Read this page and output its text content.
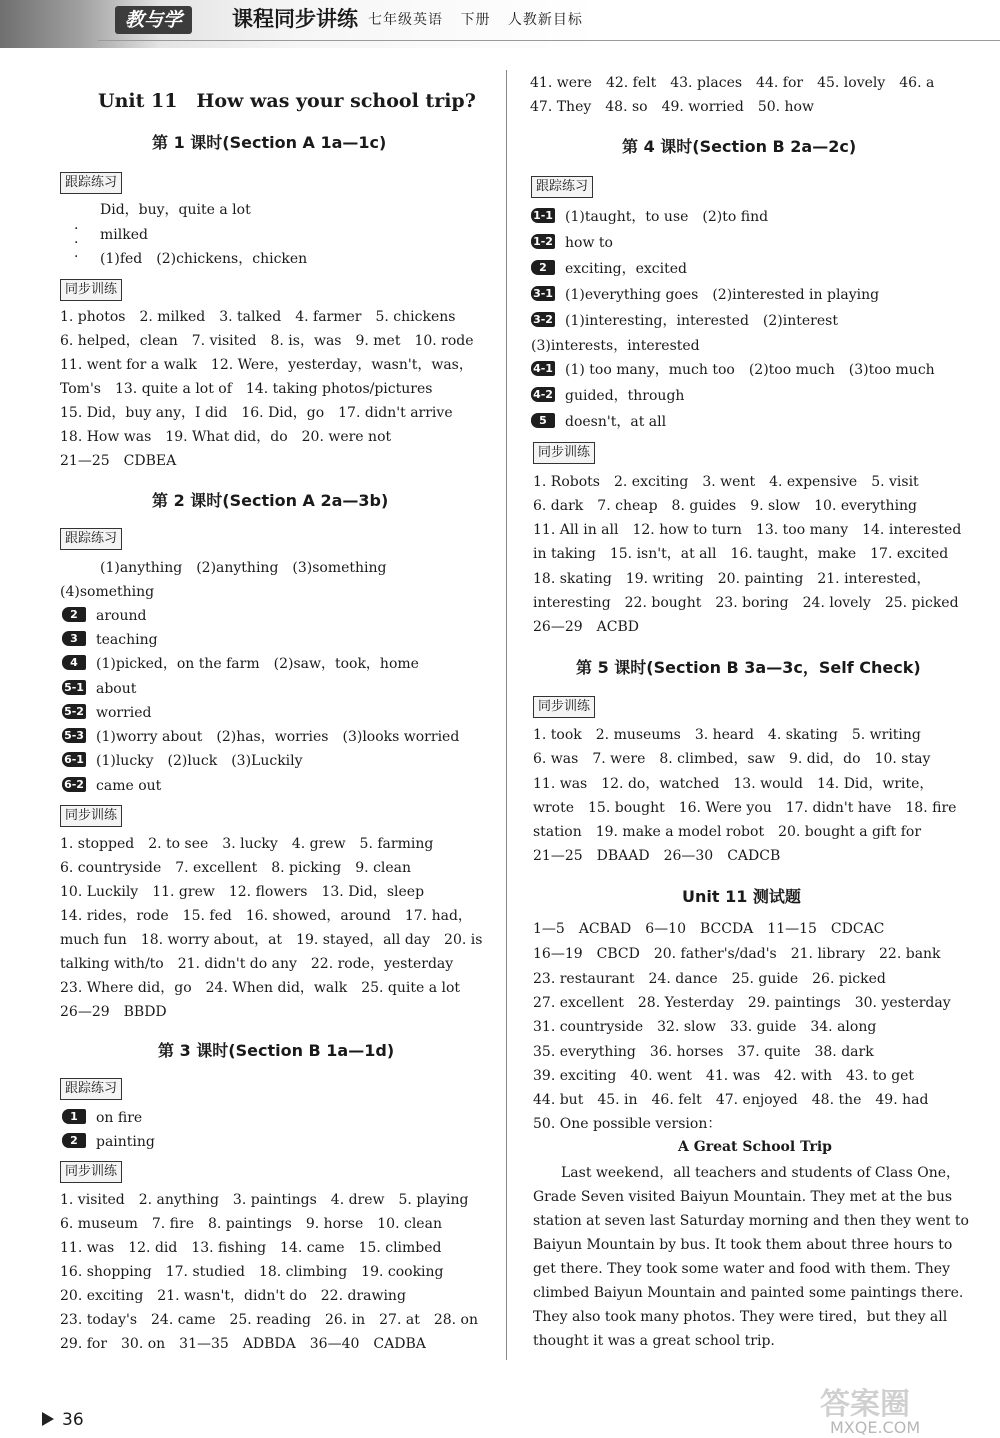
教与学	课程同步讲练 七年级英语 下册 人教新目标
Unit 11　How was your school trip?
第 1 课时(Section A 1a—1c)
跟踪练习
·
·
·
Did，buy，quite a lot
milked
(1)fed　(2)chickens，chicken
同步训练
1. photos　2. milked　3. talked　4. farmer　5. chickens
6. helped，clean　7. visited　8. is，was　9. met　10. rode
11. went for a walk　12. Were，yesterday，wasn't，was，
Tom's　13. quite a lot of　14. taking photos/pictures
15. Did，buy any，I did　16. Did，go　17. didn't arrive
18. How was　19. What did，do　20. were not
21—25　CDBEA
第 2 课时(Section A 2a—3b)
跟踪练习
(1)anything　(2)anything　(3)something
(4)something
2 around
3 teaching
4 (1)picked，on the farm　(2)saw，took，home
5-1 about
5-2 worried
5-3 (1)worry about　(2)has，worries　(3)looks worried
6-1 (1)lucky　(2)luck　(3)Luckily
6-2 came out
同步训练
1. stopped　2. to see　3. lucky　4. grew　5. farming
6. countryside　7. excellent　8. picking　9. clean
10. Luckily　11. grew　12. flowers　13. Did，sleep
14. rides，rode　15. fed　16. showed，around　17. had，
much fun　18. worry about，at　19. stayed，all day　20. is
talking with/to　21. didn't do any　22. rode，yesterday
23. Where did，go　24. When did，walk　25. quite a lot
26—29　BBDD
第 3 课时(Section B 1a—1d)
跟踪练习
1 on fire
2 painting
同步训练
1. visited　2. anything　3. paintings　4. drew　5. playing
6. museum　7. fire　8. paintings　9. horse　10. clean
11. was　12. did　13. fishing　14. came　15. climbed
16. shopping　17. studied　18. climbing　19. cooking
20. exciting　21. wasn't，didn't do　22. drawing
23. today's　24. came　25. reading　26. in　27. at　28. on
29. for　30. on　31—35　ADBDA　36—40　CADBA
41. were　42. felt　43. places　44. for　45. lovely　46. a
47. They　48. so　49. worried　50. how
第 4 课时(Section B 2a—2c)
跟踪练习
1-1 (1)taught，to use　(2)to find
1-2 how to
2 exciting，excited
3-1 (1)everything goes　(2)interested in playing
3-2 (1)interesting，interested　(2)interest
(3)interests，interested
4-1 (1) too many，much too　(2)too much　(3)too much
4-2 guided，through
5 doesn't，at all
同步训练
1. Robots　2. exciting　3. went　4. expensive　5. visit
6. dark　7. cheap　8. guides　9. slow　10. everything
11. All in all　12. how to turn　13. too many　14. interested
in taking　15. isn't，at all　16. taught，make　17. excited
18. skating　19. writing　20. painting　21. interested，
interesting　22. bought　23. boring　24. lovely　25. picked
26—29　ACBD
第 5 课时(Section B 3a—3c，Self Check)
同步训练
1. took　2. museums　3. heard　4. skating　5. writing
6. was　7. were　8. climbed，saw　9. did，do　10. stay
11. was　12. do，watched　13. would　14. Did，write，
wrote　15. bought　16. Were you　17. didn't have　18. fire
station　19. make a model robot　20. bought a gift for
21—25　DBAAD　26—30　CADCB
Unit 11 测试题
1—5　ACBAD　6—10　BCCDA　11—15　CDCAC
16—19　CBCD　20. father's/dad's　21. library　22. bank
23. restaurant　24. dance　25. guide　26. picked
27. excellent　28. Yesterday　29. paintings　30. yesterday
31. countryside　32. slow　33. guide　34. along
35. everything　36. horses　37. quite　38. dark
39. exciting　40. went　41. was　42. with　43. to get
44. but　45. in　46. felt　47. enjoyed　48. the　49. had
50. One possible version：
A Great School Trip
　　Last weekend，all teachers and students of Class One，
Grade Seven visited Baiyun Mountain. They met at the bus
station at seven last Saturday morning and then they went to
Baiyun Mountain by bus. It took them about three hours to
get there. They took some water and food with them. They
climbed Baiyun Mountain and painted some paintings there.
They also took many photos. They were tired，but they all
thought it was a great school trip.
36	答案圈
MXQE.COM
